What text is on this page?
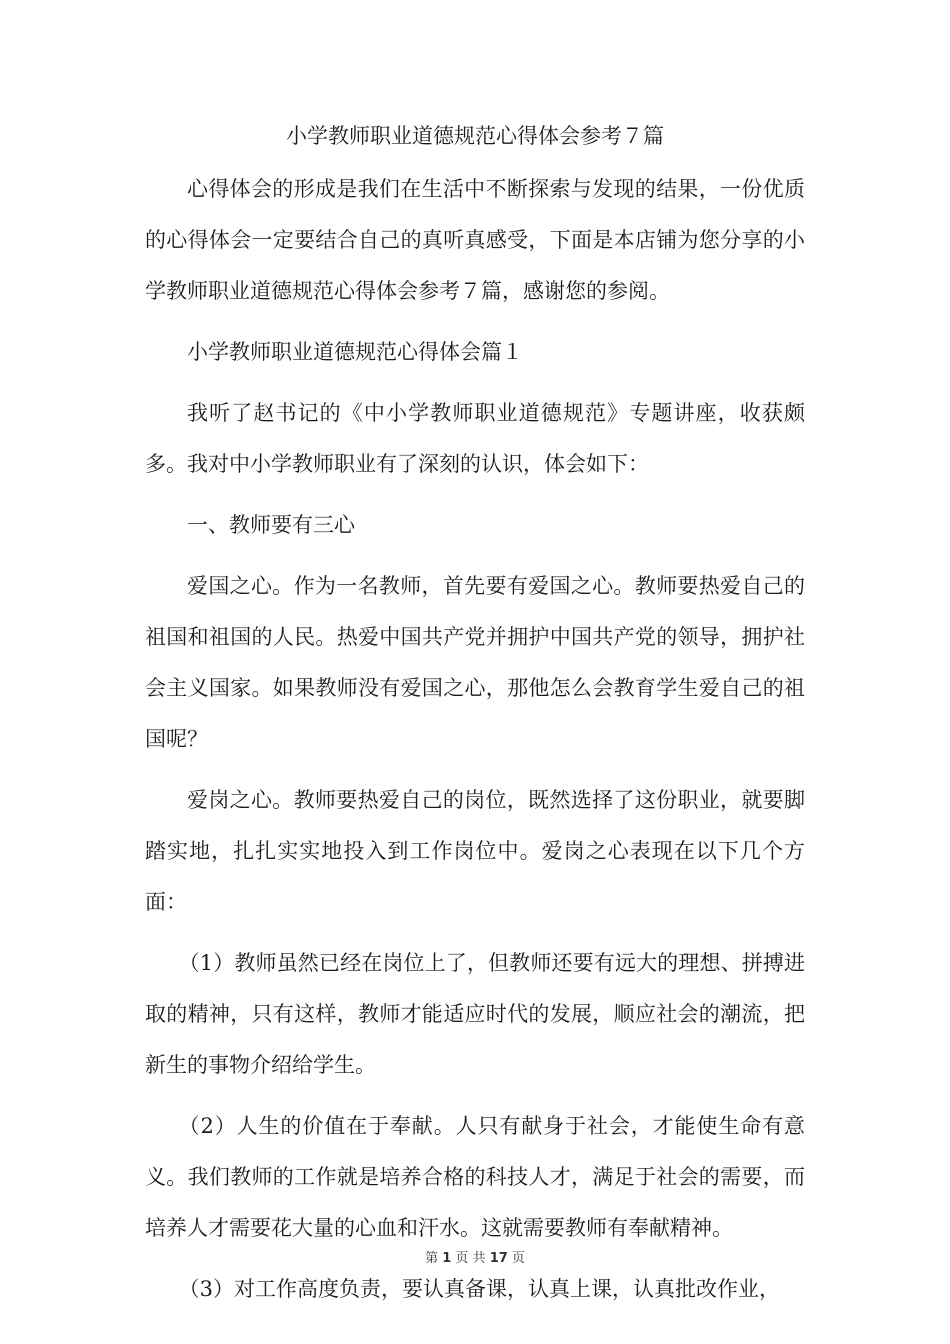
小学教师职业道德规范心得体会参考７篇

心得体会的形成是我们在生活中不断探索与发现的结果，一份优质的心得体会一定要结合自己的真听真感受，下面是本店铺为您分享的小学教师职业道德规范心得体会参考７篇，感谢您的参阅。

小学教师职业道德规范心得体会篇１

我听了赵书记的《中小学教师职业道德规范》专题讲座，收获颇多。我对中小学教师职业有了深刻的认识，体会如下：

一、教师要有三心

爱国之心。作为一名教师，首先要有爱国之心。教师要热爱自己的祖国和祖国的人民。热爱中国共产党并拥护中国共产党的领导，拥护社会主义国家。如果教师没有爱国之心，那他怎么会教育学生爱自己的祖国呢？

爱岗之心。教师要热爱自己的岗位，既然选择了这份职业，就要脚踏实地，扎扎实实地投入到工作岗位中。爱岗之心表现在以下几个方面：

（1）教师虽然已经在岗位上了，但教师还要有远大的理想、拼搏进取的精神，只有这样，教师才能适应时代的发展，顺应社会的潮流，把新生的事物介绍给学生。

（2）人生的价值在于奉献。人只有献身于社会，才能使生命有意义。我们教师的工作就是培养合格的科技人才，满足于社会的需要，而培养人才需要花大量的心血和汗水。这就需要教师有奉献精神。

（3）对工作高度负责，要认真备课，认真上课，认真批改作业，

第 1 页 共 17 页
